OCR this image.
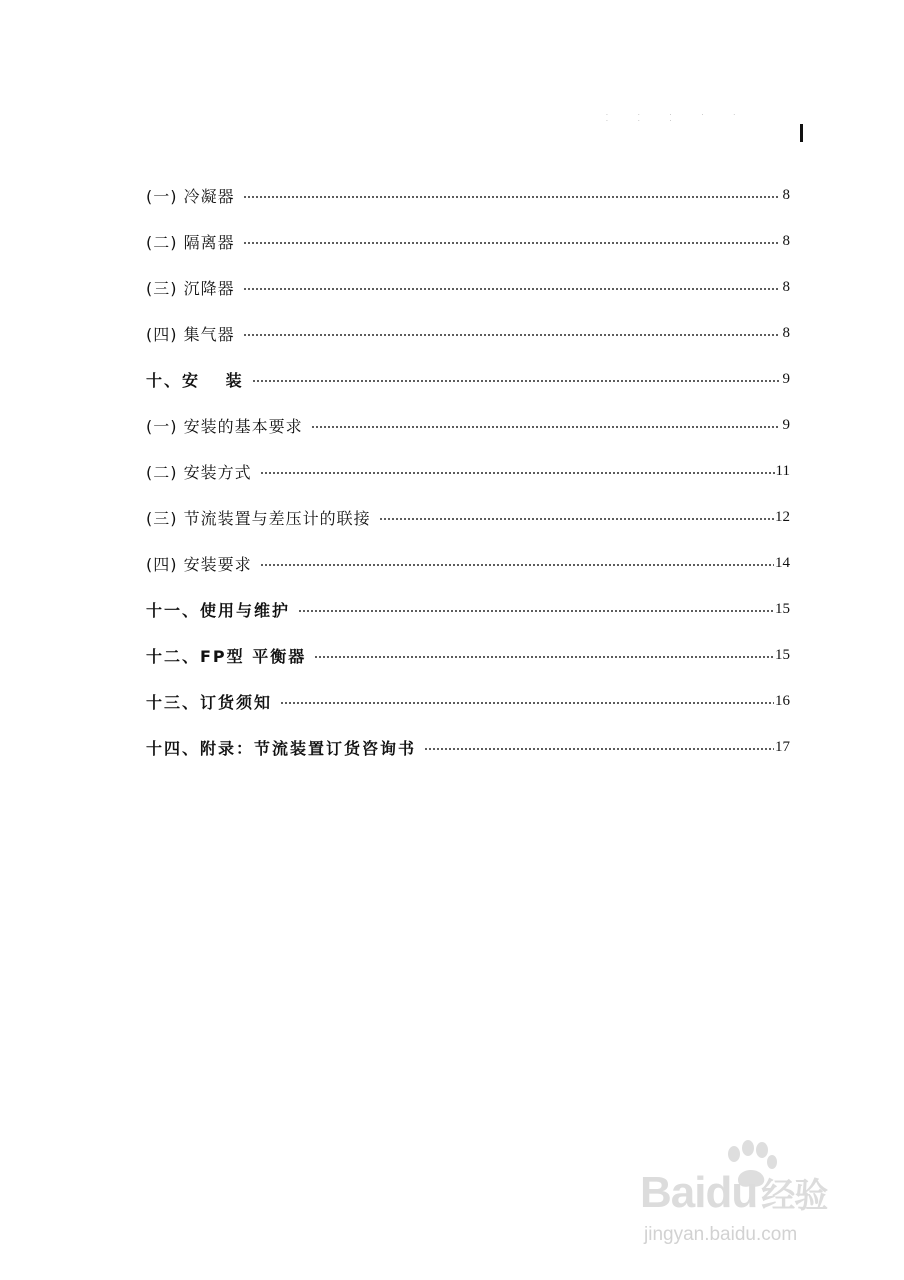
· · · · · · · ·
(一) 冷凝器	8
(二) 隔离器	8
(三) 沉降器	8
(四) 集气器	8
十、安　 装	9
(一) 安装的基本要求	9
(二) 安装方式	11
(三) 节流装置与差压计的联接	12
(四) 安装要求	14
十一、使用与维护	15
十二、FP型 平衡器	15
十三、订货须知	16
十四、附录：节流装置订货咨询书	17
Baidu 经验
jingyan.baidu.com
